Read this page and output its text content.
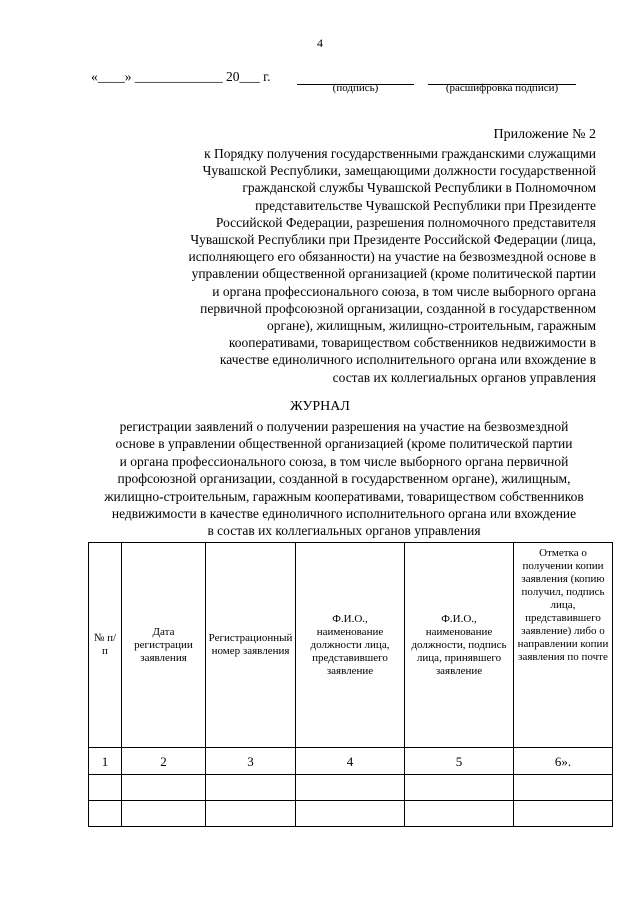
4
«____» _____________ 20___ г.
(подпись)	(расшифровка подписи)
Приложение № 2
к Порядку получения государственными гражданскими служащими
Чувашской Республики, замещающими должности государственной
гражданской службы Чувашской Республики в Полномочном
представительстве Чувашской Республики при Президенте
Российской Федерации, разрешения полномочного представителя
Чувашской Республики при Президенте Российской Федерации (лица,
исполняющего его обязанности) на участие на безвозмездной основе в
управлении общественной организацией (кроме политической партии
и органа профессионального союза, в том числе выборного органа
первичной профсоюзной организации, созданной в государственном
органе), жилищным, жилищно-строительным, гаражным
кооперативами, товариществом собственников недвижимости в
качестве единоличного исполнительного органа или вхождение в
состав их коллегиальных органов управления
ЖУРНАЛ
регистрации заявлений о получении разрешения на участие на безвозмездной
основе в управлении общественной организацией (кроме политической партии
и органа профессионального союза, в том числе выборного органа первичной
профсоюзной организации, созданной в государственном органе), жилищным,
жилищно-строительным, гаражным кооперативами, товариществом собственников
недвижимости в качестве единоличного исполнительного органа или вхождение
в состав их коллегиальных органов управления
№ п/п	Дата регистрации заявления	Регистрационный номер заявления	Ф.И.О., наименование должности лица, представившего заявление	Ф.И.О., наименование должности, подпись лица, принявшего заявление	Отметка о получении копии заявления (копию получил, подпись лица, представившего заявление) либо о направлении копии заявления по почте
1	2	3	4	5	6».
